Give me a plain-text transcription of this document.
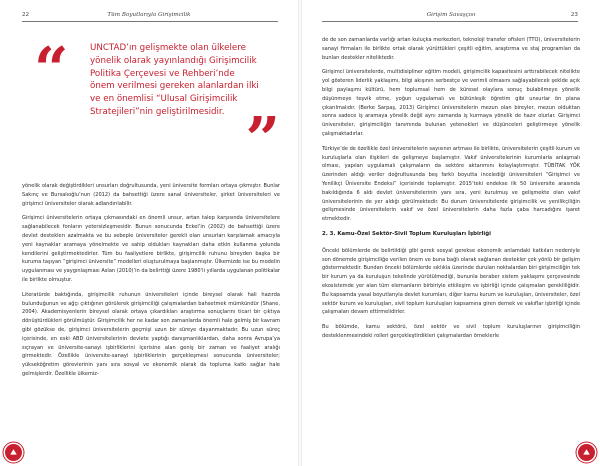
22	Tüm Boyutlarıyla Girişimcilik
“ UNCTAD’ın gelişmekte olan ülkelere yönelik olarak yayınlandığı Girişimcilik Politika Çerçevesi ve Rehberi’nde önem verilmesi gereken alanlardan ilki ve en önemlisi “Ulusal Girişimcilik Stratejileri”nin geliştirilmesidir. ”

yönelik olarak değiştirdikleri unsurları doğrultusunda, yeni üniversite formları ortaya çıkmıştır. Bunlar Sakınç ve Bursalıoğlu’nun (2012) da bahsettiği üzere sanal üniversiteler, şirket üniversiteleri ve girişimci üniversiteler olarak adlandırılabilir.

Girişimci üniversitelerin ortaya çıkmasındaki en önemli unsur, artan talep karşısında üniversitelere sağlanabilecek fonların yetersizleşmesidir. Bunun sonucunda Eckel’in (2002) de bahsettiği üzere devlet desteklerı azalmakta ve bu sebeple üniversiteler gerekli olan unsurları karşılamak amacıyla yeni kaynaklar aramaya yönelmekte ve sahip oldukları kaynakları daha etkin kullanma yolunda kendilerini geliştirmektedirler. Tüm bu faaliyetlere birlikte, girişimcilik ruhunu bireyden başka bir kuruma taşıyan “girişimci üniversite” modelleri oluşturulmaya başlanmıştır. Ülkemizde ise bu modelin uygulanması ve yaygınlaşması Aslan (2010)’in da belirttiği üzere 1980’li yıllarda uygulanan politikalar ile birlikte olmuştur.

Literatürde baktığında, girişimcilik ruhunun üniversiteleri içinde bireysel olarak hali hazırda bulunduğunun ve ağçı çıktığının görülerek girişimciliği çalışmalardan bahsetmek mümkündür (Shane, 2004). Akademisyenlerin bireysel olarak ortaya çıkardıkları araştırma sonuçlarını ticari bir çıktıya dönüştürdükleri görülmüştür. Girişimcilik her ne kadar son zamanlarda önemli hale gelmiş bir kavram gibi gözükse de, girişimci üniversitelerin geçmişi uzun bir süreye dayanmaktadır. Bu uzun süreç içerisinde, en eski ABD üniversitelerinin devlete yaptığı danışmanlıklardan, daha sonra Avrupa’ya sıçrayan ve üniversite-sanayi işbirliklerini içerisine alan geniş bir zaman ve faaliyet aralığı girmektedir. Özellikle üniversite-sanayi işbirliklerinin gerçekleşmesi sonucunda üniversiteler; yükseköğretim görevlerinin yanı sıra sosyal ve ekonomik olarak da topluma katkı sağlar hale gelmişlerdir. Özellikle ülkemiz-

Girişim Savaşçısı	23

de de son zamanlarda varlığı artan kuluçka merkezleri, teknoloji transfer ofisleri (TTO), üniversitelerin sanayi firmaları ile birlikte ortak olarak yürüttükleri çeşitli eğitim, araştırma ve staj programları da bunları destekler niteliktedir.

Girişimci üniversitelerde, multidisipliner eğitim modeli, girişimcilik kapasitesini arttırabilecek nitelikte yol gösteren liderlik yaklaşımı, bilgi akışının serbestçe ve verimli olmasını sağlayabilecek şeklde açık bilgi paylaşımı kültürü, hem toplumsal hem de küresel olaylara sonuç bulabilmeye yönelik düşünmeye teşvik etme, yoğun uygulamalı ve bütünleşik öğretim gibi unsurlar ön plana çıkarılmalıdır. (Berke Sarpaş, 2013) Girişimci üniversitelerin mezun olan bireyler, mezun olduktan sonra sadece iş aramaya yönelik değil aynı zamanda iş kurmaya yönelik de hazır olurlar. Girişimci üniversiteler, girişimciliğin tanımında bulunan yetenekleri ve düşünceleri geliştirmeye yönelik çalışmaktadırlar.

Türkiye’de de özellikle özel üniversitelerin sayısının artması ile birlikte, üniversitelerin çeşitli kurum ve kuruluşlarla olan ilişkileri de gelişmeye başlamıştır. Vakıf üniversitelerinin kurumlarla anlaşmalı olması, yapılan uygulamalı çalışmaların da sektöre aktarımını kolaylaştırmıştır. TÜBİTAK YÖK üzerinden aldığı veriler doğrultusunda beş farklı boyutta incelediği üniversiteleri “Girişimci ve Yenilikçi Üniversite Endeksi” içerisinde toplamıştır. 2015’teki endekse ilk 50 üniversite arasında bakıldığında 6 aldı devlet üniversitelerinin yanı sıra, yeni kurulmuş ve gelişmekte olan vakıf üniversitelerinin de yer aldığı görülmektedir. Bu durum üniversitelerde girişimcilik ve yenilikçiliğin gelişmesinde üniversitelerin vakıf ve özel üniversitelerin daha fazla çaba harcadığını işaret etmektedir.

2. 3. Kamu-Özel Sektör-Sivil Toplum Kuruluşları İşbirliği

Önceki bölümlerde de belirtildiği gibi gerek sosyal gerekse ekonomik anlamdaki katkıları nedeniyle son dönemde girişimciliğe verilen önem ve buna bağlı olarak sağlanan destekler çok yönlü bir gelişim göstermektedir. Bundan önceki bölümlerde sıklıkla üzerinde durulan noktalardan biri girişimciliğin tek bir kurum ya da kuruluşun tekelinde yürütülmediği, bununla beraber sistem yaklaşımı çerçevesinde ekosistemde yer alan tüm elemanların birbiriyle etkileşim ve işbirliği içinde çalışmaları gerekliliğidir. Bu kapsamda yasal boyutlarıyla devlet kurumları, diğer kamu kurum ve kuruluşları, üniversiteler, özel sektör kurum ve kuruluşları, sivil toplum kuruluşları kapsamına giren dernek ve vakıflar işbirliği içinde çalışmaları devam ettirmelidirler.

Bu bölümde, kamu sektörü, özel sektör ve sivil toplum kuruluşlarının girişimciliğin desteklenmesindeki rolleri gerçekleştirdikleri çalışmalardan örneklerle
